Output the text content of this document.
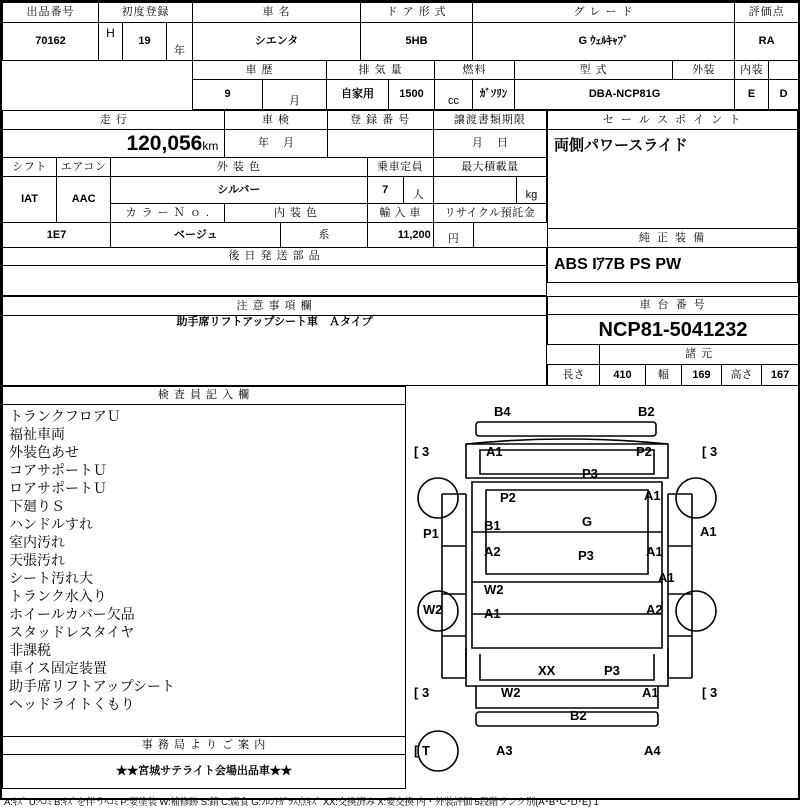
出品番号	初度登録			車 名			ド ア 形 式			グ レ ー ド			評価点	
70162	H	19	年	シエンタ			5HB			G ｳｪﾙｷｬﾌﾞ			RA	
				車 歴		排 気 量			燃料		型 式	外装	内装	
				9	月	自家用		1500	cc	ｶﾞｿﾘﾝ	DBA-NCP81G		E	D
走 行			車 検		登 録 番 号			譲渡書類期限	
120,056km			年 月					月 日	
シフト	エアコン	外 装 色				乗車定員		最大積載量	
IAT	AAC	シルバー				7	人		kg
		カ ラ ー Ｎ ｏ .	内 装 色			輸 入 車		リサイクル預託金	
1E7		ベージュ		系		11,200		円	
後 日 発 送 部 品									

セ ー ル ス ポ イ ン ト
両側パワースライド
純 正 装 備
ABS Iｱ7B PS PW
注 意 事 項 欄
助手席リフトアップシート車　Ａタイプ
車 台 番 号					
NCP81-5041232					
	諸 元				
長さ	410	幅	169	高さ	167
検 査 員 記 入 欄

トランクフロアＵ
福祉車両
外装色あせ
コアサポートＵ
ロアサポートＵ
下廻りＳ
ハンドルすれ
室内汚れ
天張汚れ
シート汚れ大
トランク水入り
ホイールカバー欠品
スタッドレスタイヤ
非課税
車イス固定装置
助手席リフトアップシート
ヘッドライトくもり

事 務 局 よ り ご 案 内
★★宮城サテライト会場出品車★★
B4	B2
[ 3	A1	P2	[ 3
P3
P2	A1
P1
B1	G
A1
A2	P3	A1
A1
W2
W2	A1	A2
XX	P3
W2	A1
[ 3	[ 3
B2
[ T	A3	A4
A:ｷｽﾞ U:ﾍｺﾐ B:ｷｽﾞを伴うﾍｺﾐ P:要塗装 W:補修跡 S:錆 C:腐食 G:ﾌﾛﾝﾄｶﾞﾗｽ点ｷｽﾞ XX:交換済み X:要交換 内・外装評価 5段階ランク別(A･B･C･D･E) 1
